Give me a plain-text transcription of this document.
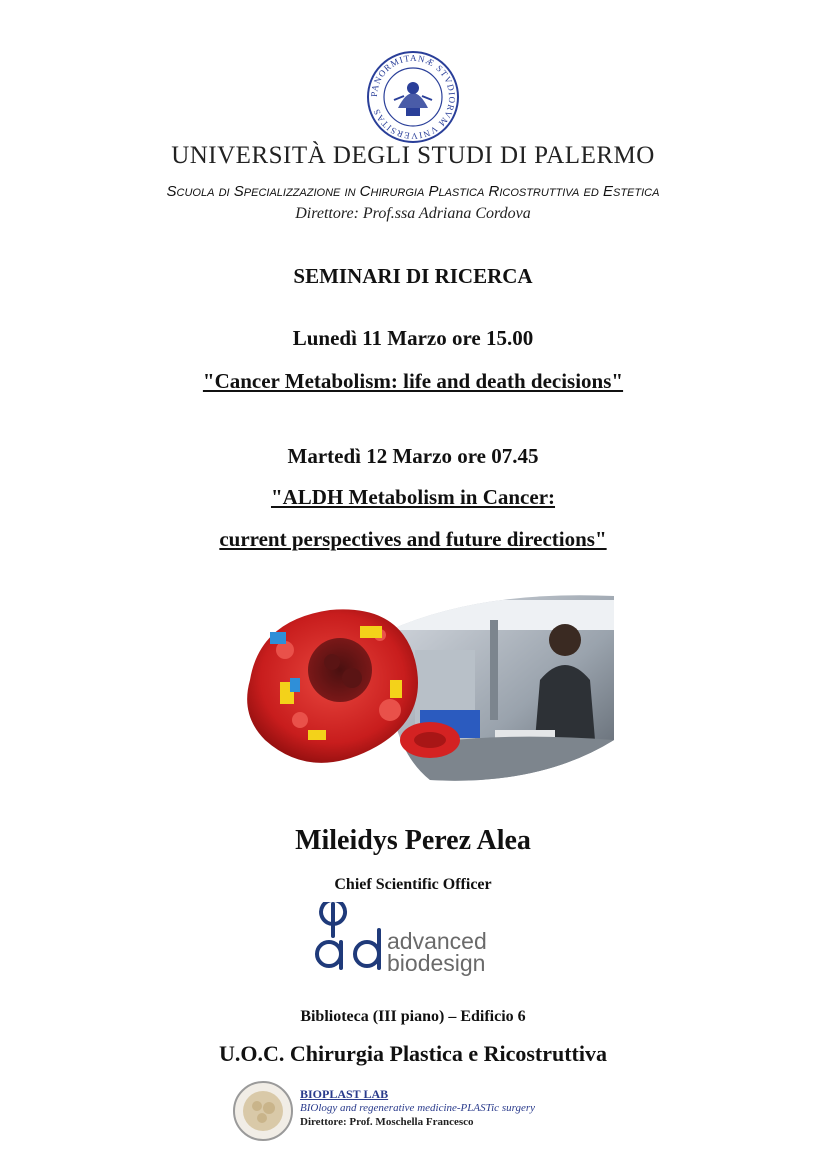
PANORMITANÆ STVDIORVM VNIVERSITAS
UNIVERSITÀ DEGLI STUDI DI PALERMO
Scuola di Specializzazione in Chirurgia Plastica Ricostruttiva ed Estetica
Direttore: Prof.ssa Adriana Cordova
SEMINARI DI RICERCA
Lunedì 11 Marzo ore 15.00
"Cancer Metabolism: life and death decisions"
Martedì 12 Marzo ore 07.45
"ALDH Metabolism in Cancer:
current perspectives and future directions"
Mileidys Perez Alea
Chief Scientific Officer
advanced
biodesign
Biblioteca (III piano) – Edificio 6
U.O.C. Chirurgia Plastica e Ricostruttiva
BIOPLAST LAB
BIOlogy and regenerative medicine-PLASTic surgery
Direttore: Prof. Moschella Francesco
